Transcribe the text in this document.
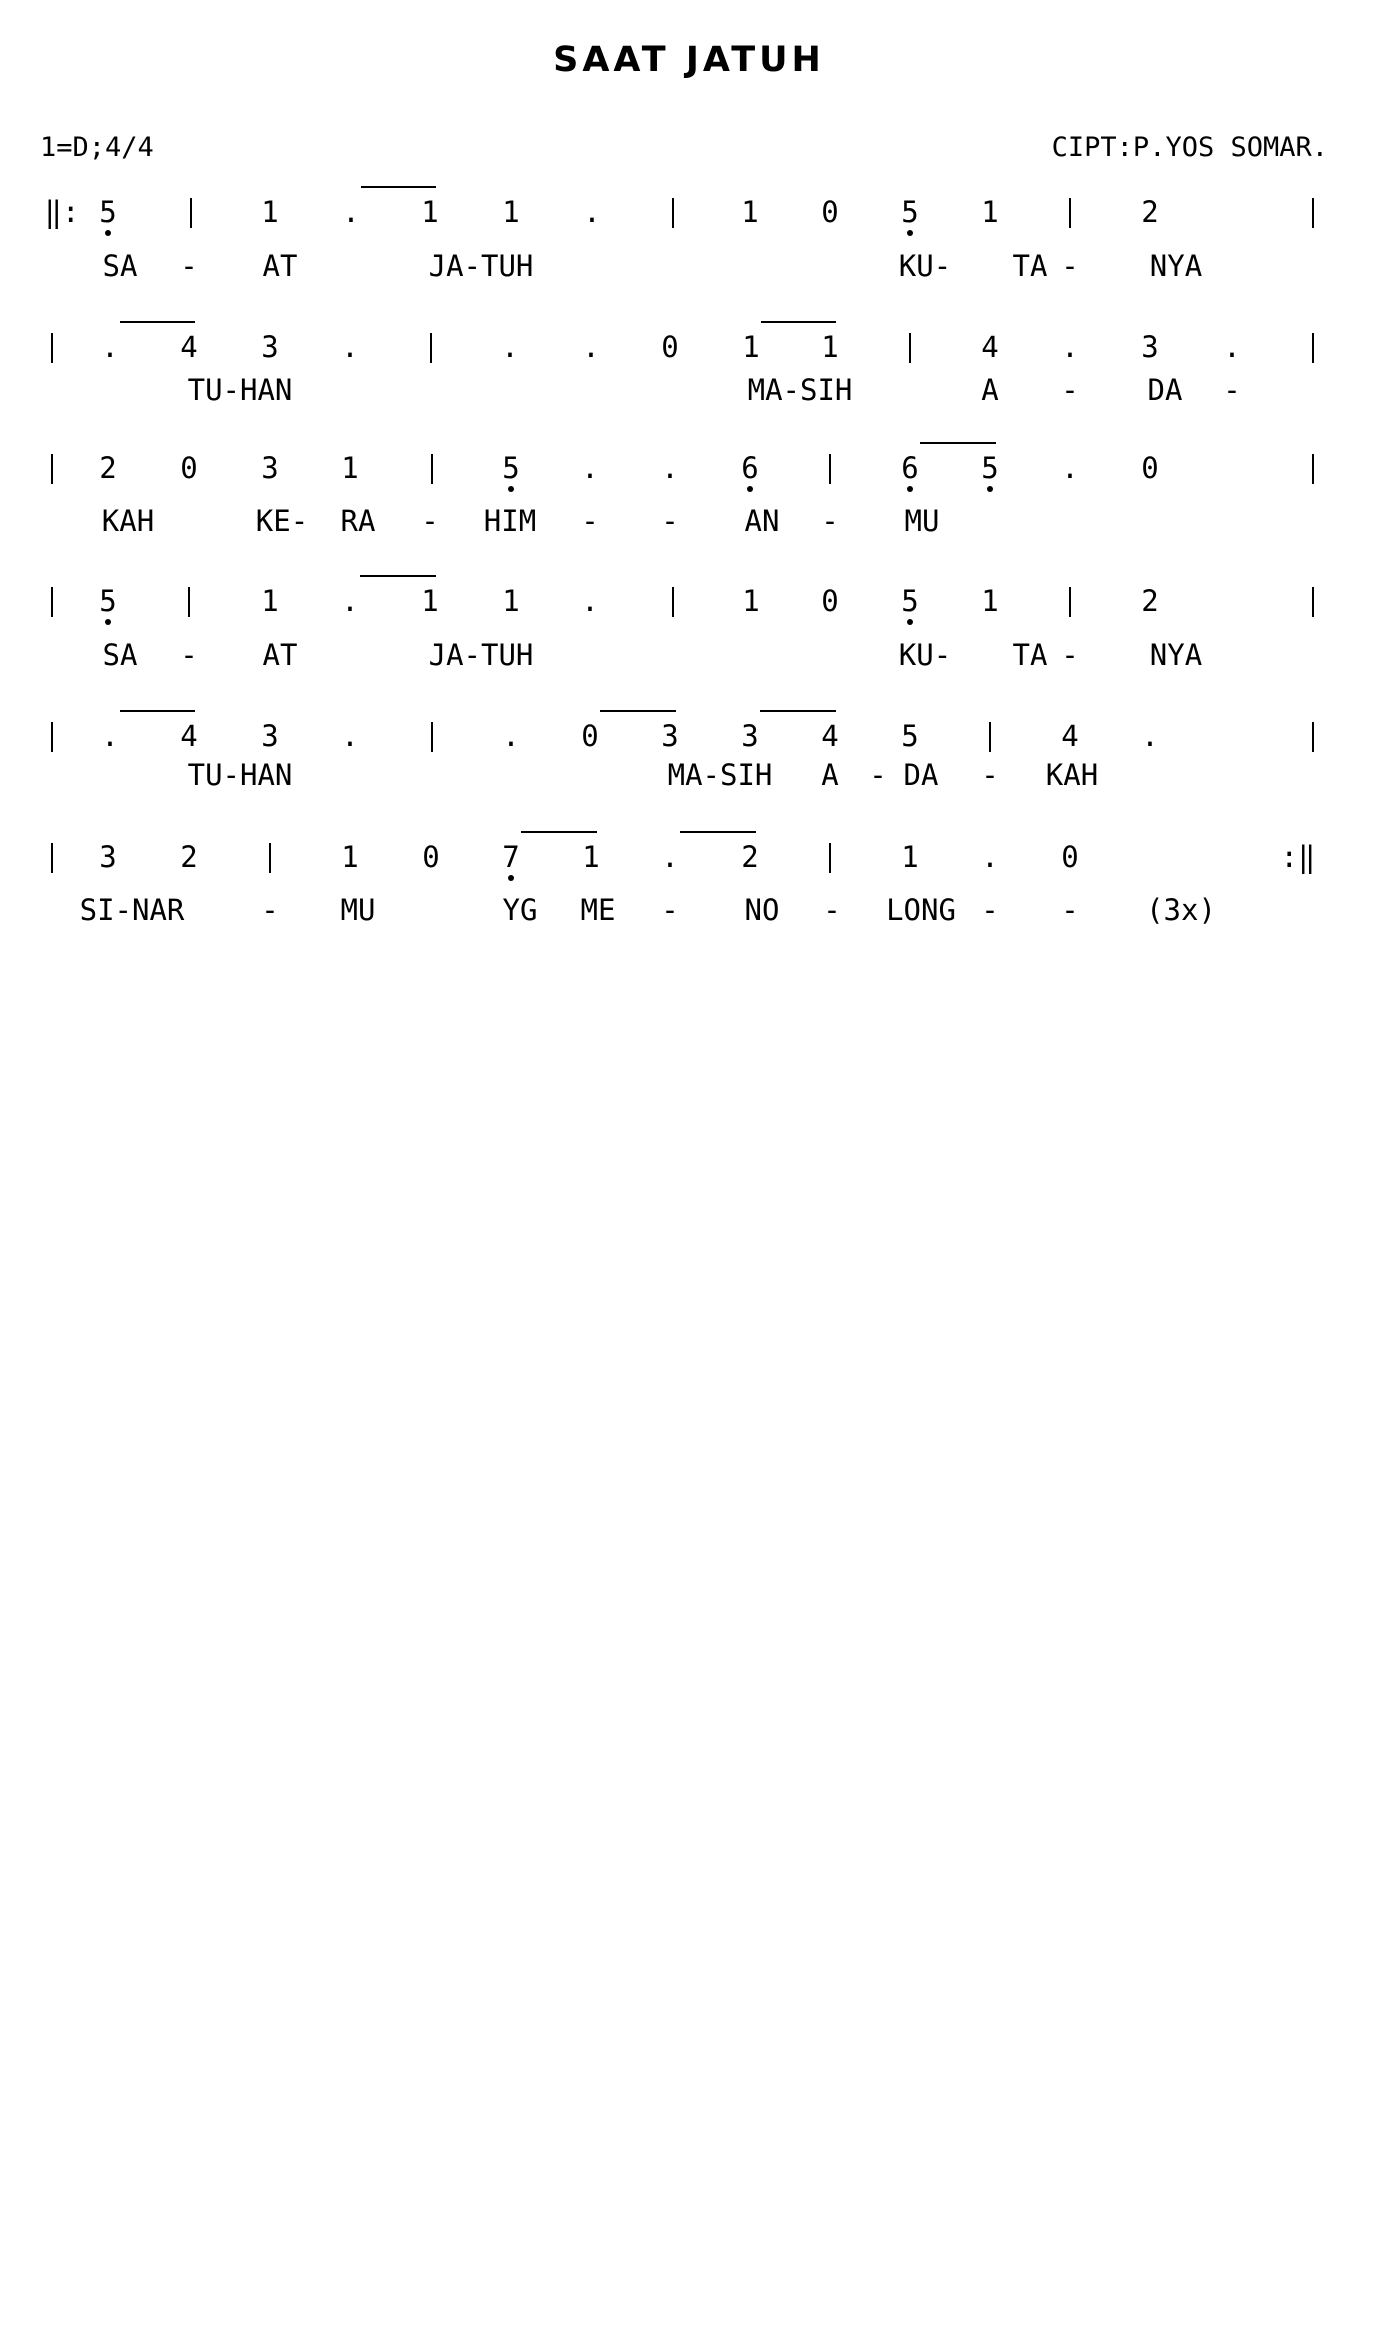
SAAT JATUH
1=D;4/4	CIPT:P.YOS SOMAR.
‖: 5	1 . 1 1 .	1 0 5 1	2
SA - AT	JA-TUH	KU- TA - NYA
. 4 3 .	. . 0 1 1	4 . 3 .
TU-HAN	MA-SIH	A - DA -
2 0 3 1	5 . . 6	6 5 . 0
KAH	KE- RA - HIM - - AN - MU
5	1 . 1 1 .	1 0 5 1	2
SA - AT	JA-TUH	KU- TA - NYA
. 4 3 .	. 0 3 3 4 5	4 .
TU-HAN	MA-SIH A - DA - KAH
3 2	1 0 7 1 . 2	1 . 0	:‖
SI-NAR	- MU	YG ME - NO - LONG - - (3x)
